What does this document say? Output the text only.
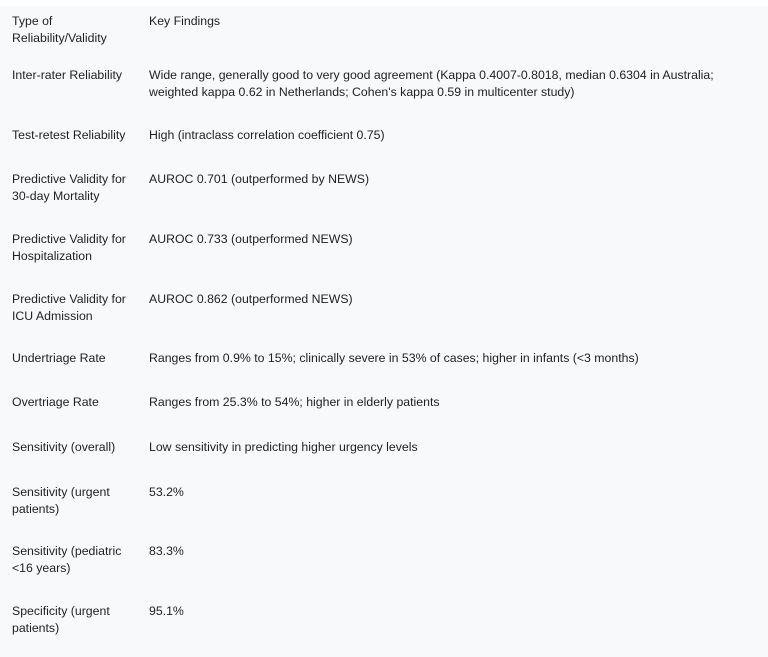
Type of Reliability/Validity	Key Findings

Inter-rater Reliability	Wide range, generally good to very good agreement (Kappa 0.4007-0.8018, median 0.6304 in Australia; weighted kappa 0.62 in Netherlands; Cohen's kappa 0.59 in multicenter study)

Test-retest Reliability	High (intraclass correlation coefficient 0.75)

Predictive Validity for 30-day Mortality	AUROC 0.701 (outperformed by NEWS)

Predictive Validity for Hospitalization	AUROC 0.733 (outperformed NEWS)

Predictive Validity for ICU Admission	AUROC 0.862 (outperformed NEWS)

Undertriage Rate	Ranges from 0.9% to 15%; clinically severe in 53% of cases; higher in infants (<3 months)

Overtriage Rate	Ranges from 25.3% to 54%; higher in elderly patients

Sensitivity (overall)	Low sensitivity in predicting higher urgency levels

Sensitivity (urgent patients)	53.2%

Sensitivity (pediatric <16 years)	83.3%

Specificity (urgent patients)	95.1%
